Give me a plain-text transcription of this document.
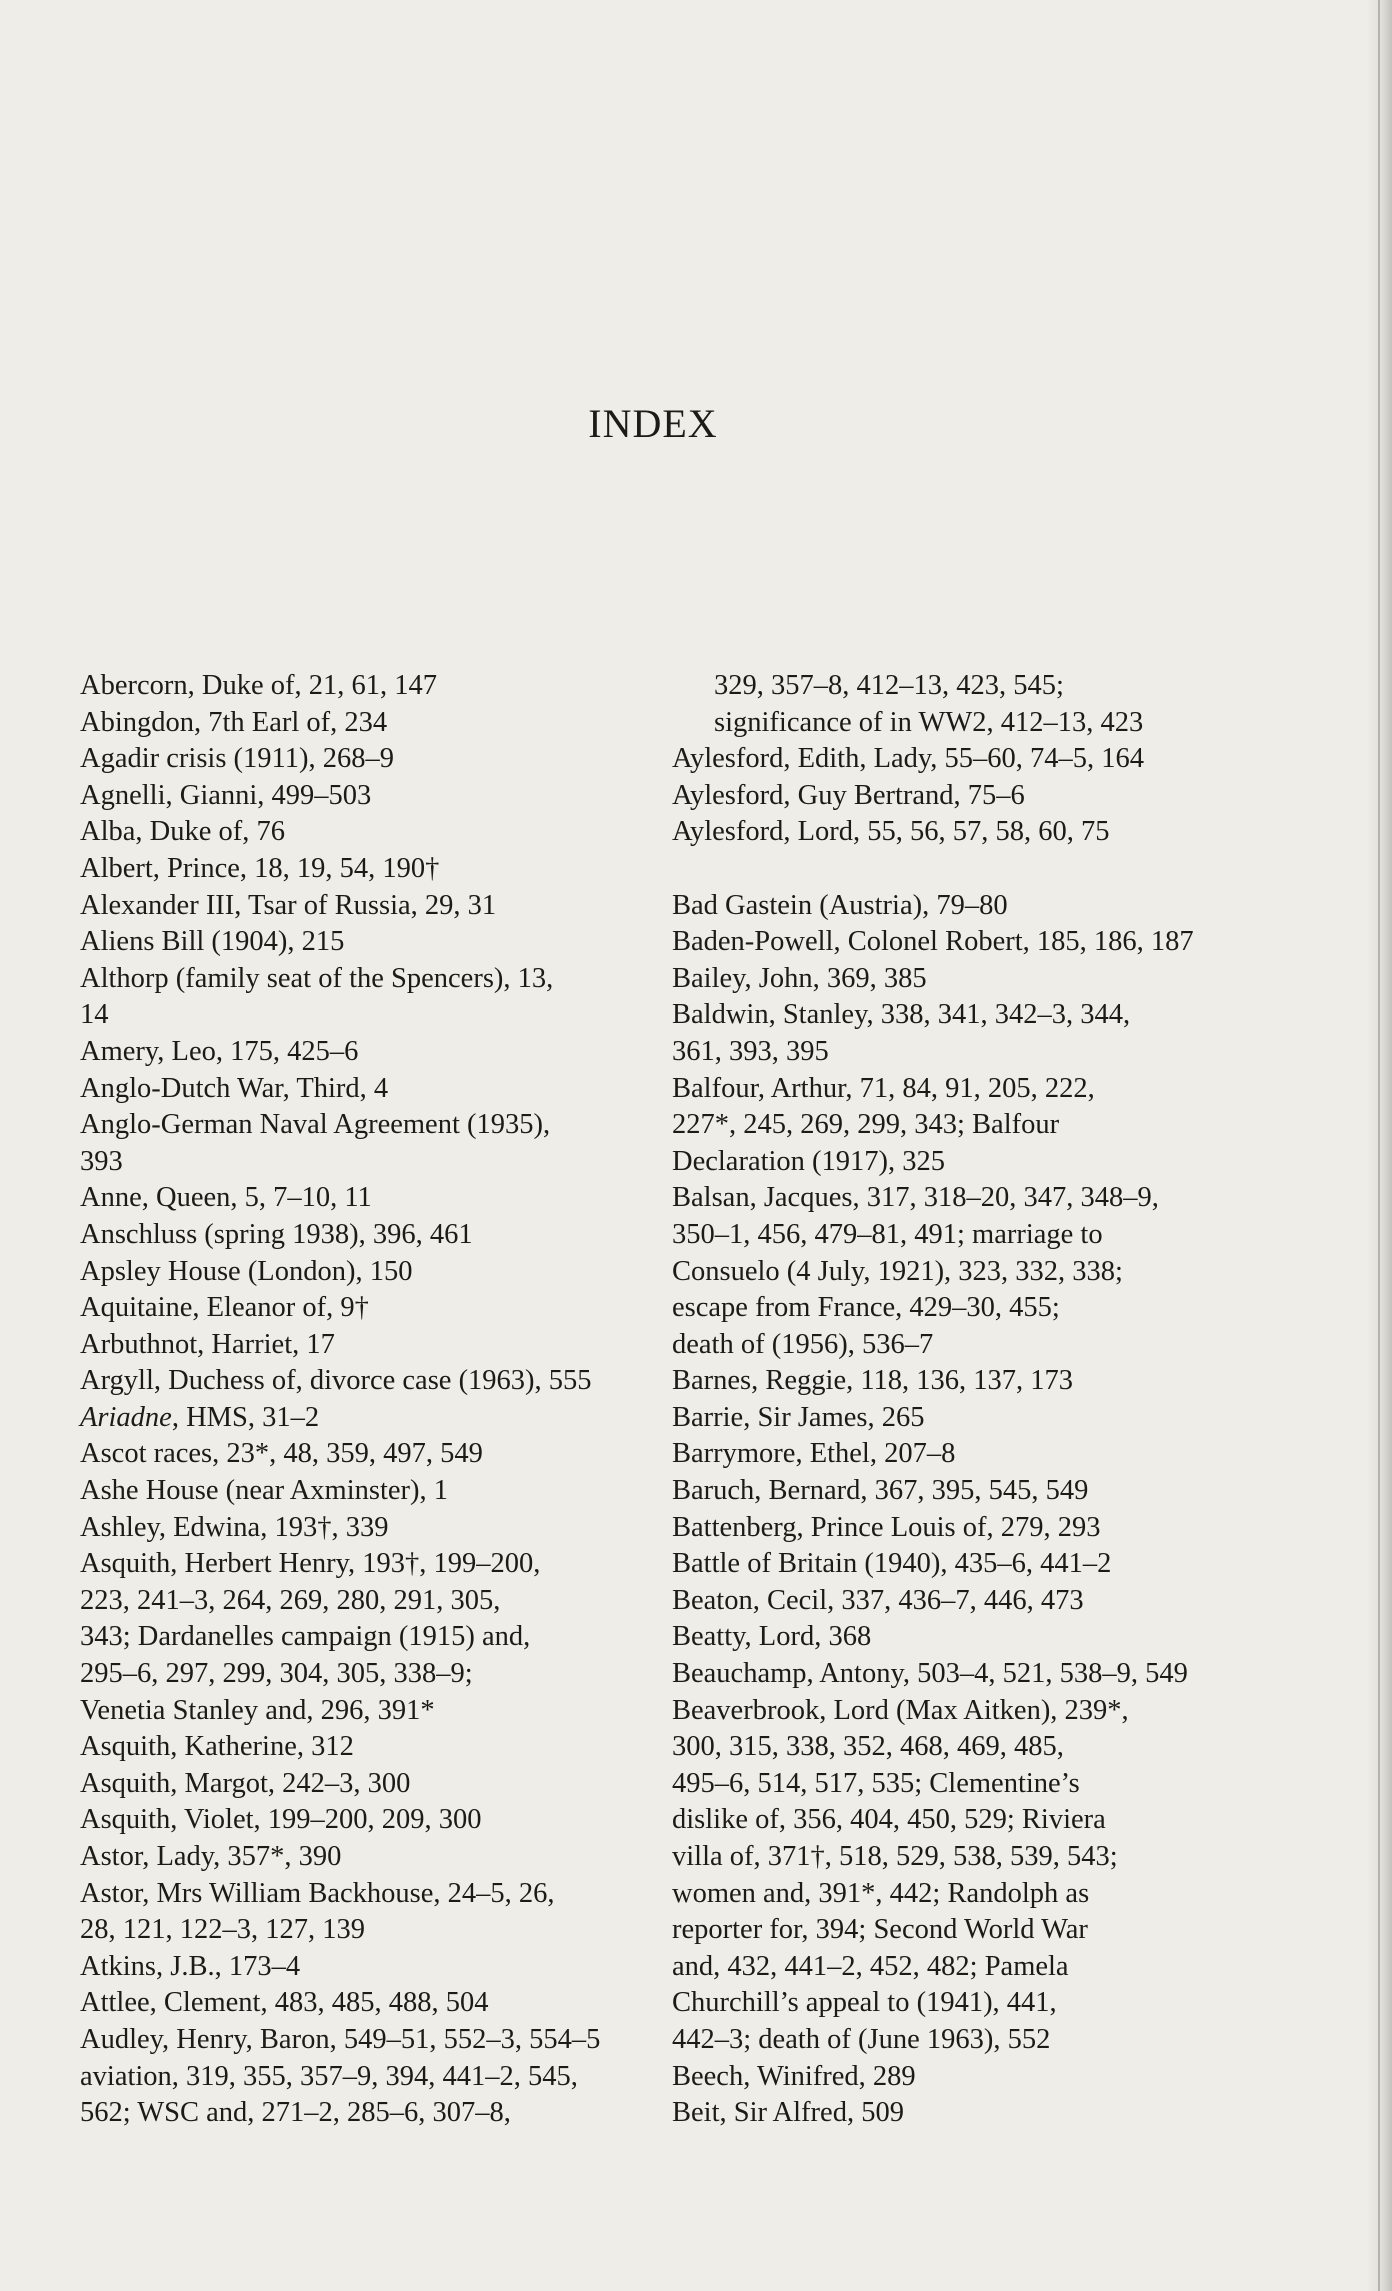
INDEX

Abercorn, Duke of, 21, 61, 147

Abingdon, 7th Earl of, 234

Agadir crisis (1911), 268–9

Agnelli, Gianni, 499–503

Alba, Duke of, 76

Albert, Prince, 18, 19, 54, 190†

Alexander III, Tsar of Russia, 29, 31

Aliens Bill (1904), 215

Althorp (family seat of the Spencers), 13,
14

Amery, Leo, 175, 425–6

Anglo-Dutch War, Third, 4

Anglo-German Naval Agreement (1935),
393

Anne, Queen, 5, 7–10, 11

Anschluss (spring 1938), 396, 461

Apsley House (London), 150

Aquitaine, Eleanor of, 9†

Arbuthnot, Harriet, 17

Argyll, Duchess of, divorce case (1963), 555

Ariadne, HMS, 31–2

Ascot races, 23*, 48, 359, 497, 549

Ashe House (near Axminster), 1

Ashley, Edwina, 193†, 339

Asquith, Herbert Henry, 193†, 199–200,
223, 241–3, 264, 269, 280, 291, 305,
343; Dardanelles campaign (1915) and,
295–6, 297, 299, 304, 305, 338–9;
Venetia Stanley and, 296, 391*

Asquith, Katherine, 312

Asquith, Margot, 242–3, 300

Asquith, Violet, 199–200, 209, 300

Astor, Lady, 357*, 390

Astor, Mrs William Backhouse, 24–5, 26,
28, 121, 122–3, 127, 139

Atkins, J.B., 173–4

Attlee, Clement, 483, 485, 488, 504

Audley, Henry, Baron, 549–51, 552–3, 554–5

aviation, 319, 355, 357–9, 394, 441–2, 545,
562; WSC and, 271–2, 285–6, 307–8,

329, 357–8, 412–13, 423, 545;
significance of in WW2, 412–13, 423

Aylesford, Edith, Lady, 55–60, 74–5, 164

Aylesford, Guy Bertrand, 75–6

Aylesford, Lord, 55, 56, 57, 58, 60, 75

Bad Gastein (Austria), 79–80

Baden-Powell, Colonel Robert, 185, 186, 187

Bailey, John, 369, 385

Baldwin, Stanley, 338, 341, 342–3, 344,
361, 393, 395

Balfour, Arthur, 71, 84, 91, 205, 222,
227*, 245, 269, 299, 343; Balfour
Declaration (1917), 325

Balsan, Jacques, 317, 318–20, 347, 348–9,
350–1, 456, 479–81, 491; marriage to
Consuelo (4 July, 1921), 323, 332, 338;
escape from France, 429–30, 455;
death of (1956), 536–7

Barnes, Reggie, 118, 136, 137, 173

Barrie, Sir James, 265

Barrymore, Ethel, 207–8

Baruch, Bernard, 367, 395, 545, 549

Battenberg, Prince Louis of, 279, 293

Battle of Britain (1940), 435–6, 441–2

Beaton, Cecil, 337, 436–7, 446, 473

Beatty, Lord, 368

Beauchamp, Antony, 503–4, 521, 538–9, 549

Beaverbrook, Lord (Max Aitken), 239*,
300, 315, 338, 352, 468, 469, 485,
495–6, 514, 517, 535; Clementine’s
dislike of, 356, 404, 450, 529; Riviera
villa of, 371†, 518, 529, 538, 539, 543;
women and, 391*, 442; Randolph as
reporter for, 394; Second World War
and, 432, 441–2, 452, 482; Pamela
Churchill’s appeal to (1941), 441,
442–3; death of (June 1963), 552

Beech, Winifred, 289

Beit, Sir Alfred, 509
